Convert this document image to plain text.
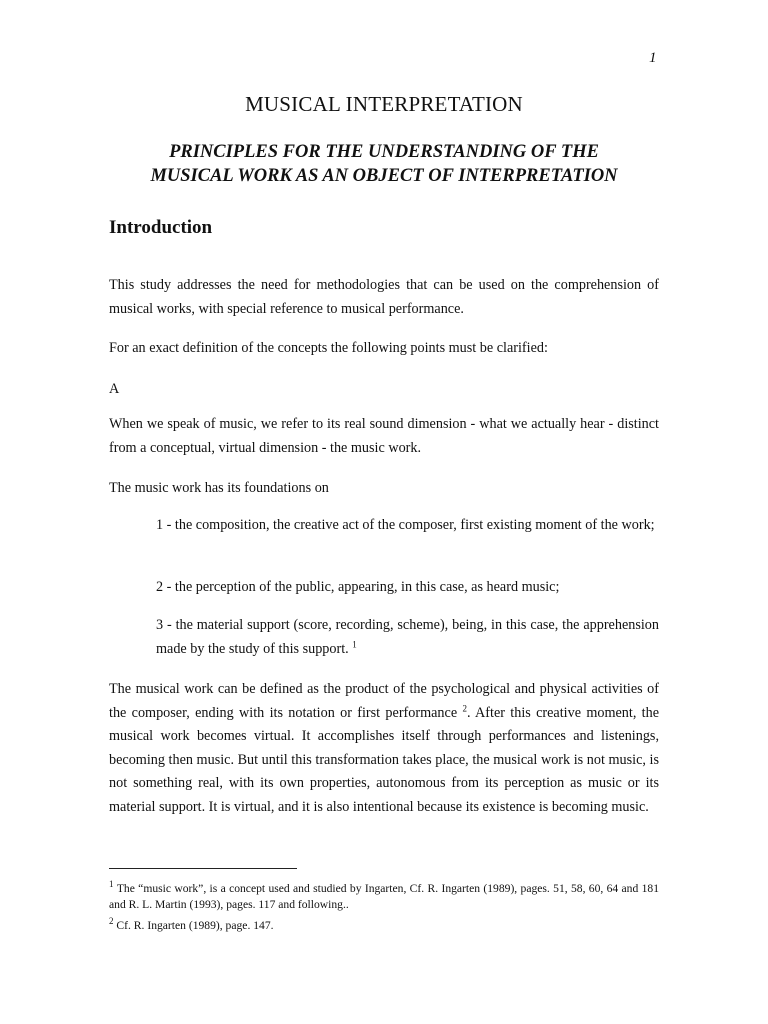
1
MUSICAL INTERPRETATION
PRINCIPLES FOR THE UNDERSTANDING OF THE
MUSICAL WORK AS AN OBJECT OF INTERPRETATION
Introduction

This study addresses the need for methodologies that can be used on the comprehension of musical works, with special reference to musical performance.

For an exact definition of the concepts the following points must be clarified:

A

When we speak of music, we refer to its real sound dimension - what we actually hear - distinct from a conceptual, virtual dimension - the music work.

The music work has its foundations on

1 - the composition, the creative act of the composer, first existing moment of the work;

2 - the perception of the public, appearing, in this case, as heard music;

3 - the material support (score, recording, scheme), being, in this case, the apprehension made by the study of this support. $^1$

The musical work can be defined as the product of the psychological and physical activities of the composer, ending with its notation or first performance $^2$. After this creative moment, the musical work becomes virtual. It accomplishes itself through performances and listenings, becoming then music. But until this transformation takes place, the musical work is not music, is not something real, with its own properties, autonomous from its perception as music or its material support. It is virtual, and it is also intentional because its existence is becoming music.

$^1$ The “music work”, is a concept used and studied by Ingarten, Cf. R. Ingarten (1989), pages. 51, 58, 60, 64 and 181 and R. L. Martin (1993), pages. 117 and following..
$^2$ Cf. R. Ingarten (1989), page. 147.
